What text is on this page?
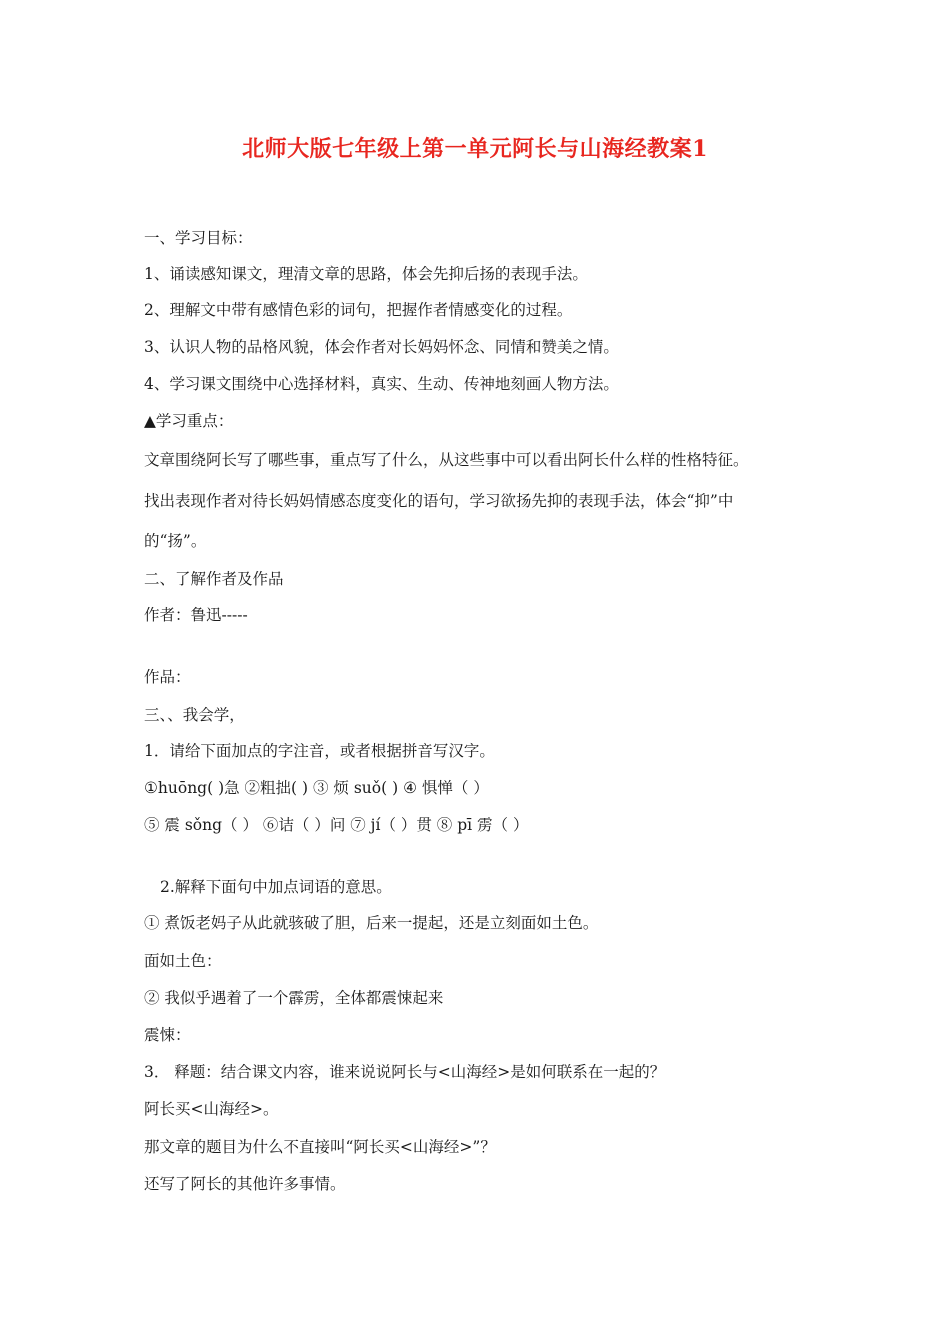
北师大版七年级上第一单元阿长与山海经教案1
一、学习目标：
1、诵读感知课文，理清文章的思路，体会先抑后扬的表现手法。
2、理解文中带有感情色彩的词句，把握作者情感变化的过程。
3、认识人物的品格风貌，体会作者对长妈妈怀念、同情和赞美之情。
4、学习课文围绕中心选择材料，真实、生动、传神地刻画人物方法。
▲学习重点：
文章围绕阿长写了哪些事，重点写了什么，从这些事中可以看出阿长什么样的性格特征。
找出表现作者对待长妈妈情感态度变化的语句，学习欲扬先抑的表现手法，体会“抑”中
的“扬”。
二、了解作者及作品
作者：鲁迅-----
作品：
三、、我会学，
1．请给下面加点的字注音，或者根据拼音写汉字。
①huōng( )急 ②粗拙( ) ③ 烦 suǒ( ) ④ 惧惮（ ）
⑤ 震 sǒng（ ） ⑥诘（ ）问 ⑦ jí（ ）贯 ⑧ pī 雳（ ）
2.解释下面句中加点词语的意思。
① 煮饭老妈子从此就骇破了胆，后来一提起，还是立刻面如土色。
面如土色：
② 我似乎遇着了一个霹雳，全体都震悚起来
震悚：
3． 释题：结合课文内容，谁来说说阿长与<山海经>是如何联系在一起的？
阿长买<山海经>。
那文章的题目为什么不直接叫“阿长买<山海经>”？
还写了阿长的其他许多事情。
